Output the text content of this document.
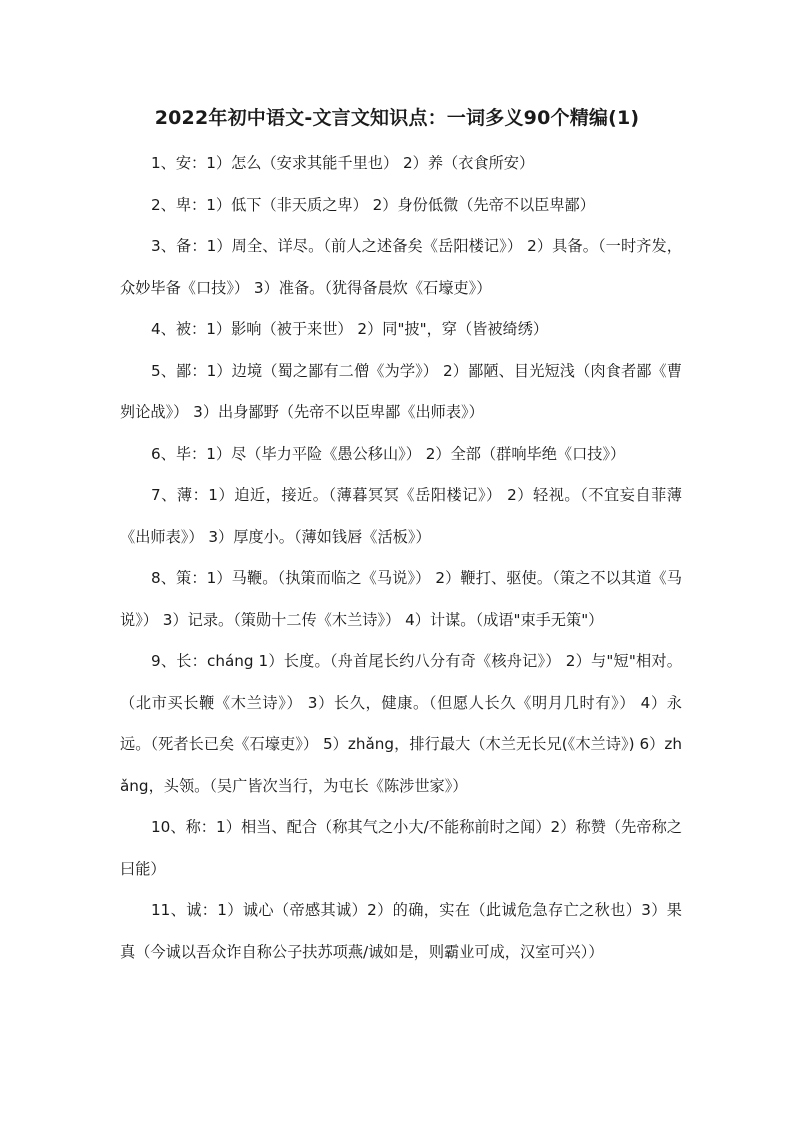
2022年初中语文-文言文知识点：一词多义90个精编(1)

1、安：1）怎么（安求其能千里也） 2）养（衣食所安）

2、卑：1）低下（非天质之卑） 2）身份低微（先帝不以臣卑鄙）

3、备：1）周全、详尽。（前人之述备矣《岳阳楼记》） 2）具备。（一时齐发，众妙毕备《口技》） 3）准备。（犹得备晨炊《石壕吏》）

4、被：1）影响（被于来世） 2）同"披"，穿（皆被绮绣）

5、鄙：1）边境（蜀之鄙有二僧《为学》） 2）鄙陋、目光短浅（肉食者鄙《曹刿论战》） 3）出身鄙野（先帝不以臣卑鄙《出师表》）

6、毕：1）尽（毕力平险《愚公移山》） 2）全部（群响毕绝《口技》）

7、薄：1）迫近，接近。（薄暮冥冥《岳阳楼记》） 2）轻视。（不宜妄自菲薄《出师表》） 3）厚度小。（薄如钱唇《活板》）

8、策：1）马鞭。（执策而临之《马说》） 2）鞭打、驱使。（策之不以其道《马说》） 3）记录。（策勋十二传《木兰诗》） 4）计谋。（成语"束手无策"）

9、长：cháng 1）长度。（舟首尾长约八分有奇《核舟记》） 2）与"短"相对。（北市买长鞭《木兰诗》） 3）长久，健康。（但愿人长久《明月几时有》） 4）永远。（死者长已矣《石壕吏》） 5）zhǎng，排行最大（木兰无长兄(《木兰诗》) 6）zhǎng，头领。（吴广皆次当行，为屯长《陈涉世家》）

10、称：1）相当、配合（称其气之小大/不能称前时之闻）2）称赞（先帝称之曰能）

11、诚：1）诚心（帝感其诚）2）的确，实在（此诚危急存亡之秋也）3）果真（今诚以吾众诈自称公子扶苏项燕/诚如是，则霸业可成，汉室可兴））
